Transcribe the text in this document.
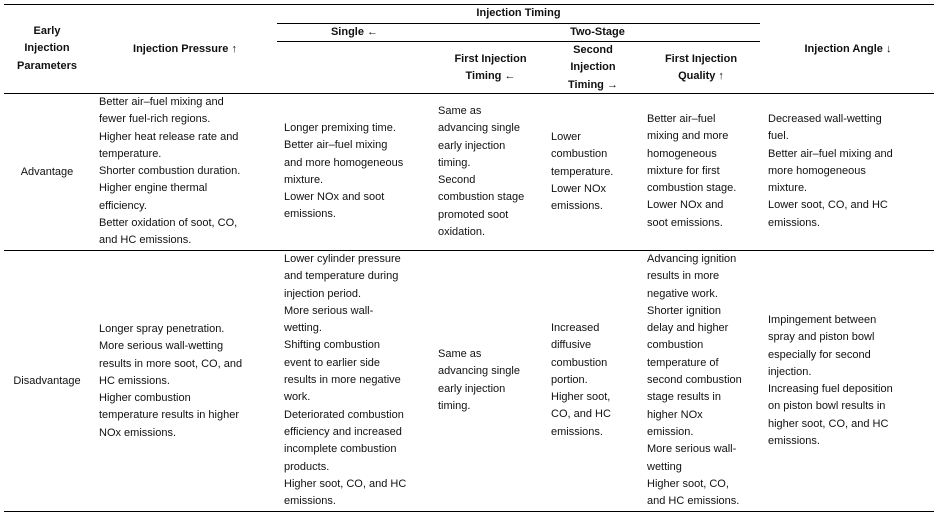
Early
Injection
Parameters
Injection Pressure ↑
Injection Timing
Single ←	Two-Stage
First Injection
Timing ←
Second
Injection
Timing →
First Injection
Quality ↑
Injection Angle ↓
Advantage
Disadvantage
Better air–fuel mixing and
fewer fuel-rich regions.
Higher heat release rate and
temperature.
Shorter combustion duration.
Higher engine thermal
efficiency.
Better oxidation of soot, CO,
and HC emissions.
Longer premixing time.
Better air–fuel mixing
and more homogeneous
mixture.
Lower NOx and soot
emissions.
Same as
advancing single
early injection
timing.
Second
combustion stage
promoted soot
oxidation.
Lower
combustion
temperature.
Lower NOx
emissions.
Better air–fuel
mixing and more
homogeneous
mixture for first
combustion stage.
Lower NOx and
soot emissions.
Decreased wall-wetting
fuel.
Better air–fuel mixing and
more homogeneous
mixture.
Lower soot, CO, and HC
emissions.
Longer spray penetration.
More serious wall-wetting
results in more soot, CO, and
HC emissions.
Higher combustion
temperature results in higher
NOx emissions.
Lower cylinder pressure
and temperature during
injection period.
More serious wall-
wetting.
Shifting combustion
event to earlier side
results in more negative
work.
Deteriorated combustion
efficiency and increased
incomplete combustion
products.
Higher soot, CO, and HC
emissions.
Same as
advancing single
early injection
timing.
Increased
diffusive
combustion
portion.
Higher soot,
CO, and HC
emissions.
Advancing ignition
results in more
negative work.
Shorter ignition
delay and higher
combustion
temperature of
second combustion
stage results in
higher NOx
emission.
More serious wall-
wetting
Higher soot, CO,
and HC emissions.
Impingement between
spray and piston bowl
especially for second
injection.
Increasing fuel deposition
on piston bowl results in
higher soot, CO, and HC
emissions.
